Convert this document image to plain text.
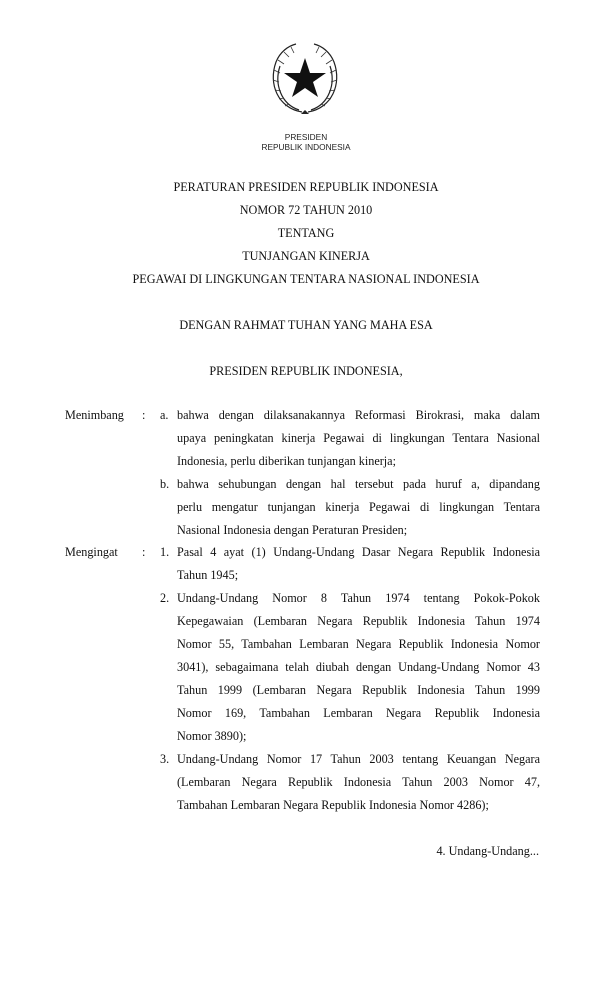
PRESIDEN
REPUBLIK INDONESIA
PERATURAN PRESIDEN REPUBLIK INDONESIA
NOMOR 72 TAHUN 2010
TENTANG
TUNJANGAN KINERJA
PEGAWAI DI LINGKUNGAN TENTARA NASIONAL INDONESIA
DENGAN RAHMAT TUHAN YANG MAHA ESA
PRESIDEN REPUBLIK INDONESIA,
Menimbang : a. bahwa dengan dilaksanakannya Reformasi Birokrasi, maka dalam
upaya peningkatan kinerja Pegawai di lingkungan Tentara Nasional
Indonesia, perlu diberikan tunjangan kinerja;
b. bahwa sehubungan dengan hal tersebut pada huruf a, dipandang
perlu mengatur tunjangan kinerja Pegawai di lingkungan Tentara
Nasional Indonesia dengan Peraturan Presiden;
Mengingat : 1. Pasal 4 ayat (1) Undang-Undang Dasar Negara Republik Indonesia
Tahun 1945;
2. Undang-Undang Nomor 8 Tahun 1974 tentang Pokok-Pokok
Kepegawaian (Lembaran Negara Republik Indonesia Tahun 1974
Nomor 55, Tambahan Lembaran Negara Republik Indonesia Nomor
3041), sebagaimana telah diubah dengan Undang-Undang Nomor 43
Tahun 1999 (Lembaran Negara Republik Indonesia Tahun 1999
Nomor 169, Tambahan Lembaran Negara Republik Indonesia
Nomor 3890);
3. Undang-Undang Nomor 17 Tahun 2003 tentang Keuangan Negara
(Lembaran Negara Republik Indonesia Tahun 2003 Nomor 47,
Tambahan Lembaran Negara Republik Indonesia Nomor 4286);
4. Undang-Undang...
